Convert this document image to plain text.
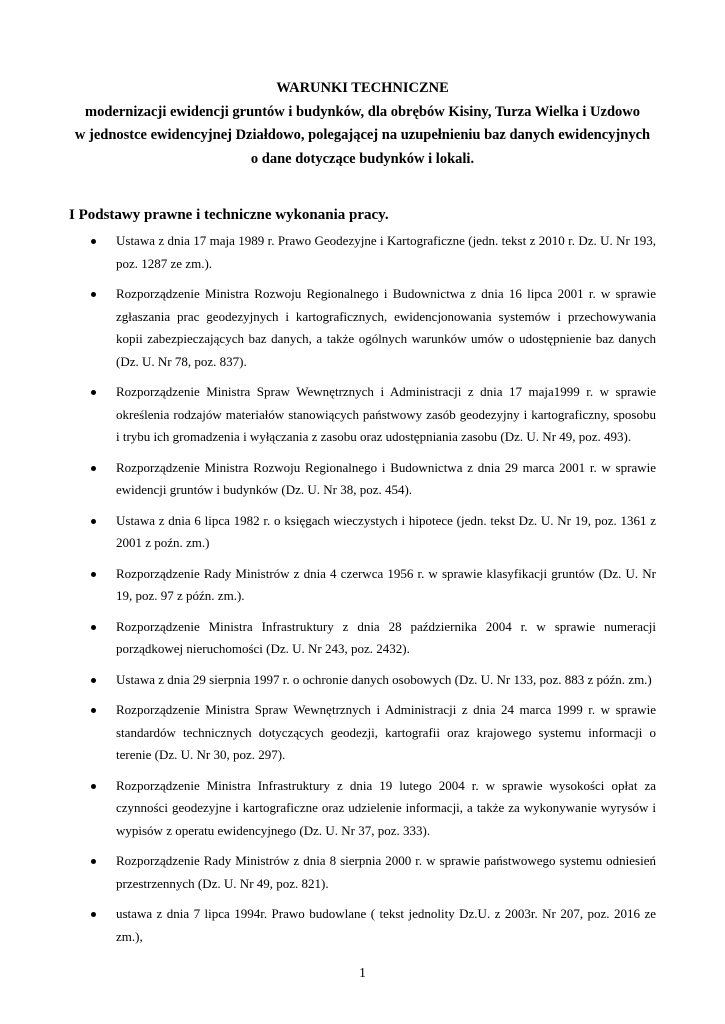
WARUNKI TECHNICZNE
modernizacji ewidencji gruntów i budynków, dla obrębów Kisiny, Turza Wielka i Uzdowo
w jednostce ewidencyjnej Działdowo, polegającej na uzupełnieniu baz danych ewidencyjnych
o dane dotyczące budynków i lokali.
I Podstawy prawne i techniczne wykonania pracy.
Ustawa z dnia 17 maja 1989 r. Prawo Geodezyjne i Kartograficzne (jedn. tekst z 2010 r. Dz. U. Nr 193, poz. 1287 ze zm.).
Rozporządzenie Ministra Rozwoju Regionalnego i Budownictwa z dnia 16 lipca 2001 r. w sprawie zgłaszania prac geodezyjnych i kartograficznych, ewidencjonowania systemów i przechowywania kopii zabezpieczających baz danych, a także ogólnych warunków umów o udostępnienie baz danych (Dz. U. Nr 78, poz. 837).
Rozporządzenie Ministra Spraw Wewnętrznych i Administracji z dnia 17 maja1999 r. w sprawie określenia rodzajów materiałów stanowiących państwowy zasób geodezyjny i kartograficzny, sposobu i trybu ich gromadzenia i wyłączania z zasobu oraz udostępniania zasobu (Dz. U. Nr 49, poz. 493).
Rozporządzenie Ministra Rozwoju Regionalnego i Budownictwa z dnia 29 marca 2001 r. w sprawie ewidencji gruntów i budynków (Dz. U. Nr 38, poz. 454).
Ustawa z dnia 6 lipca 1982 r. o księgach wieczystych i hipotece (jedn. tekst Dz. U. Nr 19, poz. 1361 z 2001 z poźn. zm.)
Rozporządzenie Rady Ministrów z dnia 4 czerwca 1956 r. w sprawie klasyfikacji gruntów (Dz. U. Nr 19, poz. 97 z późn. zm.).
Rozporządzenie Ministra Infrastruktury z dnia 28 października 2004 r. w sprawie numeracji porządkowej nieruchomości (Dz. U. Nr 243, poz. 2432).
Ustawa z dnia 29 sierpnia 1997 r. o ochronie danych osobowych (Dz. U. Nr 133, poz. 883 z późn. zm.)
Rozporządzenie Ministra Spraw Wewnętrznych i Administracji z dnia 24 marca 1999 r. w sprawie standardów technicznych dotyczących geodezji, kartografii oraz krajowego systemu informacji o terenie (Dz. U. Nr 30, poz. 297).
Rozporządzenie Ministra Infrastruktury z dnia 19 lutego 2004 r. w sprawie wysokości opłat za czynności geodezyjne i kartograficzne oraz udzielenie informacji, a także za wykonywanie wyrysów i wypisów z operatu ewidencyjnego (Dz. U. Nr 37, poz. 333).
Rozporządzenie Rady Ministrów z dnia 8 sierpnia 2000 r. w sprawie państwowego systemu odniesień przestrzennych (Dz. U. Nr 49, poz. 821).
ustawa z dnia 7 lipca 1994r. Prawo budowlane ( tekst jednolity Dz.U. z 2003r. Nr 207, poz. 2016 ze zm.),
1
